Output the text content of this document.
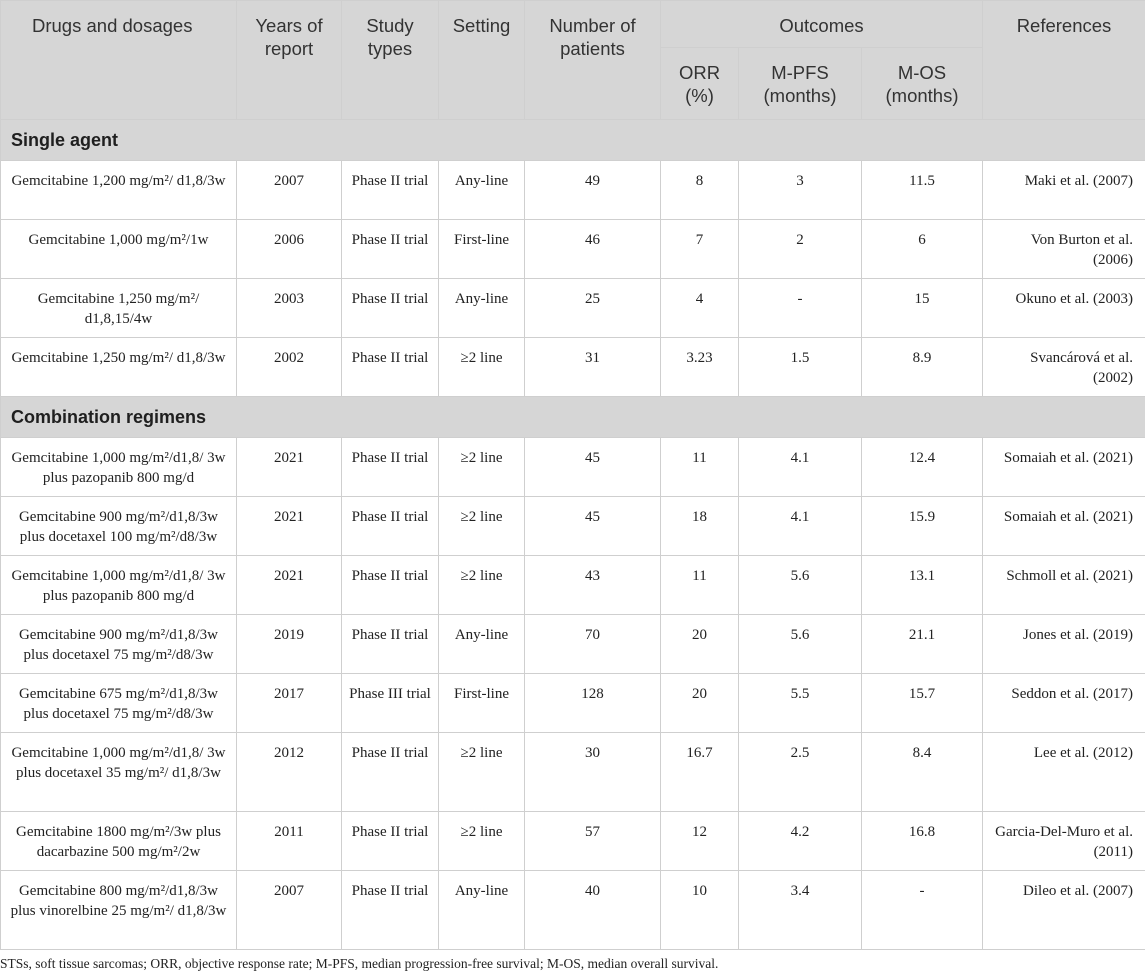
Drugs and dosages	Years of report	Study types	Setting	Number of patients	Outcomes			References
					ORR (%)	M-PFS (months)	M-OS (months)	
Single agent								
Gemcitabine 1,200 mg/m²/ d1,8/3w	2007	Phase II trial	Any-line	49	8	3	11.5	Maki et al. (2007)
Gemcitabine 1,000 mg/m²/1w	2006	Phase II trial	First-line	46	7	2	6	Von Burton et al. (2006)
Gemcitabine 1,250 mg/m²/ d1,8,15/4w	2003	Phase II trial	Any-line	25	4	-	15	Okuno et al. (2003)
Gemcitabine 1,250 mg/m²/ d1,8/3w	2002	Phase II trial	≥2 line	31	3.23	1.5	8.9	Svancárová et al. (2002)
Combination regimens								
Gemcitabine 1,000 mg/m²/d1,8/ 3w plus pazopanib 800 mg/d	2021	Phase II trial	≥2 line	45	11	4.1	12.4	Somaiah et al. (2021)
Gemcitabine 900 mg/m²/d1,8/3w plus docetaxel 100 mg/m²/d8/3w	2021	Phase II trial	≥2 line	45	18	4.1	15.9	Somaiah et al. (2021)
Gemcitabine 1,000 mg/m²/d1,8/ 3w plus pazopanib 800 mg/d	2021	Phase II trial	≥2 line	43	11	5.6	13.1	Schmoll et al. (2021)
Gemcitabine 900 mg/m²/d1,8/3w plus docetaxel 75 mg/m²/d8/3w	2019	Phase II trial	Any-line	70	20	5.6	21.1	Jones et al. (2019)
Gemcitabine 675 mg/m²/d1,8/3w plus docetaxel 75 mg/m²/d8/3w	2017	Phase III trial	First-line	128	20	5.5	15.7	Seddon et al. (2017)
Gemcitabine 1,000 mg/m²/d1,8/ 3w plus docetaxel 35 mg/m²/ d1,8/3w	2012	Phase II trial	≥2 line	30	16.7	2.5	8.4	Lee et al. (2012)
Gemcitabine 1800 mg/m²/3w plus dacarbazine 500 mg/m²/2w	2011	Phase II trial	≥2 line	57	12	4.2	16.8	Garcia-Del-Muro et al. (2011)
Gemcitabine 800 mg/m²/d1,8/3w plus vinorelbine 25 mg/m²/ d1,8/3w	2007	Phase II trial	Any-line	40	10	3.4	-	Dileo et al. (2007)
STSs, soft tissue sarcomas; ORR, objective response rate; M-PFS, median progression-free survival; M-OS, median overall survival.
